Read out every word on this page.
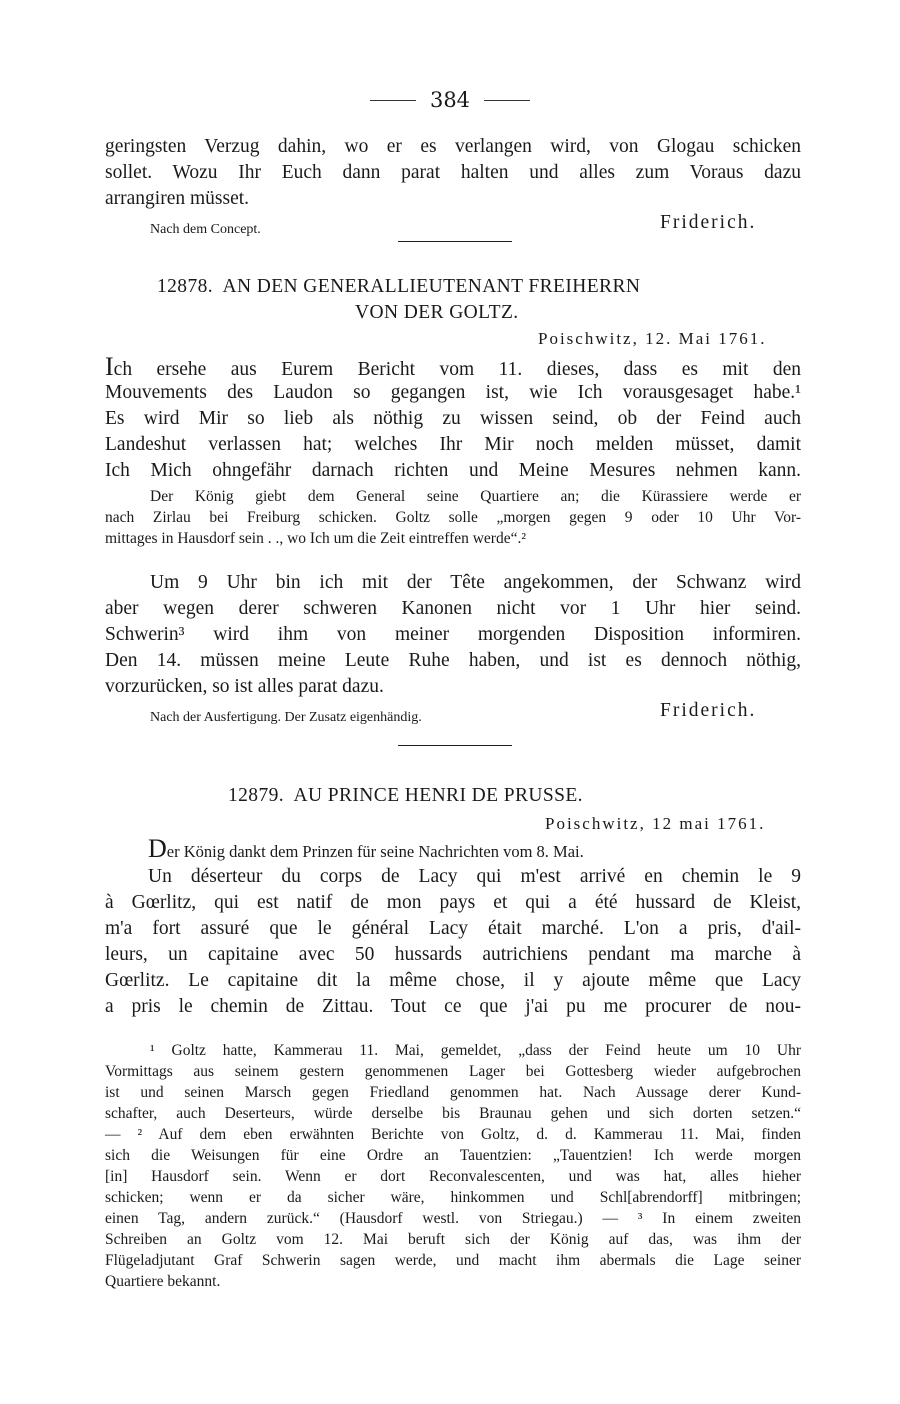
384
geringsten Verzug dahin, wo er es verlangen wird, von Glogau schicken
sollet. Wozu Ihr Euch dann parat halten und alles zum Voraus dazu
arrangiren müsset.
Nach dem Concept.	Friderich.
12878. AN DEN GENERALLIEUTENANT FREIHERRN
VON DER GOLTZ.
Poischwitz, 12. Mai 1761.
Ich ersehe aus Eurem Bericht vom 11. dieses, dass es mit den
Mouvements des Laudon so gegangen ist, wie Ich vorausgesaget habe.¹
Es wird Mir so lieb als nöthig zu wissen seind, ob der Feind auch
Landeshut verlassen hat; welches Ihr Mir noch melden müsset, damit
Ich Mich ohngefähr darnach richten und Meine Mesures nehmen kann.
Der König giebt dem General seine Quartiere an; die Kürassiere werde er
nach Zirlau bei Freiburg schicken. Goltz solle „morgen gegen 9 oder 10 Uhr Vor-
mittages in Hausdorf sein . ., wo Ich um die Zeit eintreffen werde“.²
Um 9 Uhr bin ich mit der Tête angekommen, der Schwanz wird
aber wegen derer schweren Kanonen nicht vor 1 Uhr hier seind.
Schwerin³ wird ihm von meiner morgenden Disposition informiren.
Den 14. müssen meine Leute Ruhe haben, und ist es dennoch nöthig,
vorzurücken, so ist alles parat dazu.
Nach der Ausfertigung. Der Zusatz eigenhändig.	Friderich.
12879. AU PRINCE HENRI DE PRUSSE.
Poischwitz, 12 mai 1761.
Der König dankt dem Prinzen für seine Nachrichten vom 8. Mai.
Un déserteur du corps de Lacy qui m'est arrivé en chemin le 9
à Gœrlitz, qui est natif de mon pays et qui a été hussard de Kleist,
m'a fort assuré que le général Lacy était marché. L'on a pris, d'ail-
leurs, un capitaine avec 50 hussards autrichiens pendant ma marche à
Gœrlitz. Le capitaine dit la même chose, il y ajoute même que Lacy
a pris le chemin de Zittau. Tout ce que j'ai pu me procurer de nou-
¹ Goltz hatte, Kammerau 11. Mai, gemeldet, „dass der Feind heute um 10 Uhr
Vormittags aus seinem gestern genommenen Lager bei Gottesberg wieder aufgebrochen
ist und seinen Marsch gegen Friedland genommen hat. Nach Aussage derer Kund-
schafter, auch Deserteurs, würde derselbe bis Braunau gehen und sich dorten setzen.“
— ² Auf dem eben erwähnten Berichte von Goltz, d. d. Kammerau 11. Mai, finden
sich die Weisungen für eine Ordre an Tauentzien: „Tauentzien! Ich werde morgen
[in] Hausdorf sein. Wenn er dort Reconvalescenten, und was hat, alles hieher
schicken; wenn er da sicher wäre, hinkommen und Schl[abrendorff] mitbringen;
einen Tag, andern zurück.“ (Hausdorf westl. von Striegau.) — ³ In einem zweiten
Schreiben an Goltz vom 12. Mai beruft sich der König auf das, was ihm der
Flügeladjutant Graf Schwerin sagen werde, und macht ihm abermals die Lage seiner
Quartiere bekannt.
